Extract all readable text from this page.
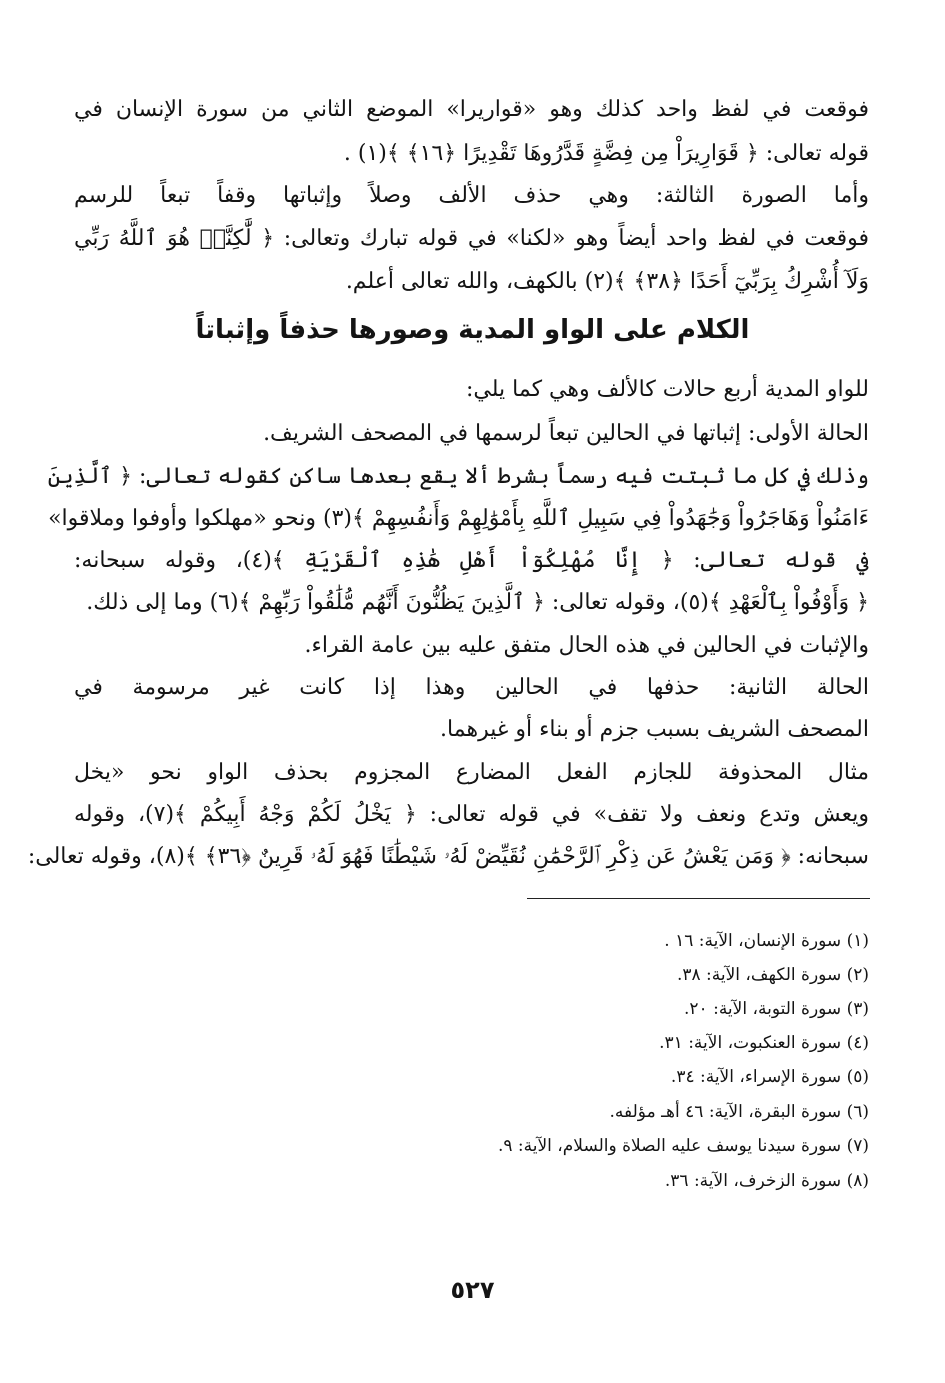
فوقعت في لفظ واحد كذلك وهو «قواريرا» الموضع الثاني من سورة الإنسان في
قوله تعالى: ﴿ قَوَارِيرَاْ مِن فِضَّةٍ قَدَّرُوهَا تَقْدِيرًا ﴿١٦﴾ ﴾(١) .
وأما الصورة الثالثة: وهي حذف الألف وصلاً وإثباتها وقفاً تبعاً للرسم
فوقعت في لفظ واحد أيضاً وهو «لكنا» في قوله تبارك وتعالى: ﴿ لَّٰكِنَّا۠ هُوَ ٱللَّهُ رَبِّي
وَلَآ أُشْرِكُ بِرَبِّيٓ أَحَدًا ﴿٣٨﴾ ﴾(٢) بالكهف، والله تعالى أعلم.
الكلام على الواو المدية وصورها حذفاً وإثباتاً
للواو المدية أربع حالات كالألف وهي كما يلي:
الحالة الأولى: إثباتها في الحالين تبعاً لرسمها في المصحف الشريف.
وذلك في كل ما ثبتت فيه رسماً بشرط ألا يقع بعدها ساكن كقوله تعالى: ﴿ ٱلَّذِينَ
ءَامَنُواْ وَهَاجَرُواْ وَجَٰهَدُواْ فِي سَبِيلِ ٱللَّهِ بِأَمْوَٰلِهِمْ وَأَنفُسِهِمْ ﴾(٣) ونحو «مهلكوا وأوفوا وملاقوا»
في قوله تعالى: ﴿ إِنَّا مُهْلِكُوٓاْ أَهْلِ هَٰذِهِ ٱلْقَرْيَةِ ﴾(٤)، وقوله سبحانه:
﴿ وَأَوْفُواْ بِٱلْعَهْدِ ﴾(٥)، وقوله تعالى: ﴿ ٱلَّذِينَ يَظُنُّونَ أَنَّهُم مُّلَٰقُواْ رَبِّهِمْ ﴾(٦) وما إلى ذلك.
والإثبات في الحالين في هذه الحال متفق عليه بين عامة القراء.
الحالة الثانية: حذفها في الحالين وهذا إذا كانت غير مرسومة في
المصحف الشريف بسبب جزم أو بناء أو غيرهما.
مثال المحذوفة للجازم الفعل المضارع المجزوم بحذف الواو نحو «يخل
ويعش وتدع ونعف ولا تقف» في قوله تعالى: ﴿ يَخْلُ لَكُمْ وَجْهُ أَبِيكُمْ ﴾(٧)، وقوله
سبحانه: ﴿ وَمَن يَعْشُ عَن ذِكْرِ ٱلرَّحْمَٰنِ نُقَيِّضْ لَهُۥ شَيْطَٰنًا فَهُوَ لَهُۥ قَرِينٌ ﴿٣٦﴾ ﴾(٨)، وقوله تعالى:
(١) سورة الإنسان، الآية: ١٦ .
(٢) سورة الكهف، الآية: ٣٨.
(٣) سورة التوبة، الآية: ٢٠.
(٤) سورة العنكبوت، الآية: ٣١.
(٥) سورة الإسراء، الآية: ٣٤.
(٦) سورة البقرة، الآية: ٤٦ أهـ مؤلفه.
(٧) سورة سيدنا يوسف عليه الصلاة والسلام، الآية: ٩.
(٨) سورة الزخرف، الآية: ٣٦.
٥٢٧
